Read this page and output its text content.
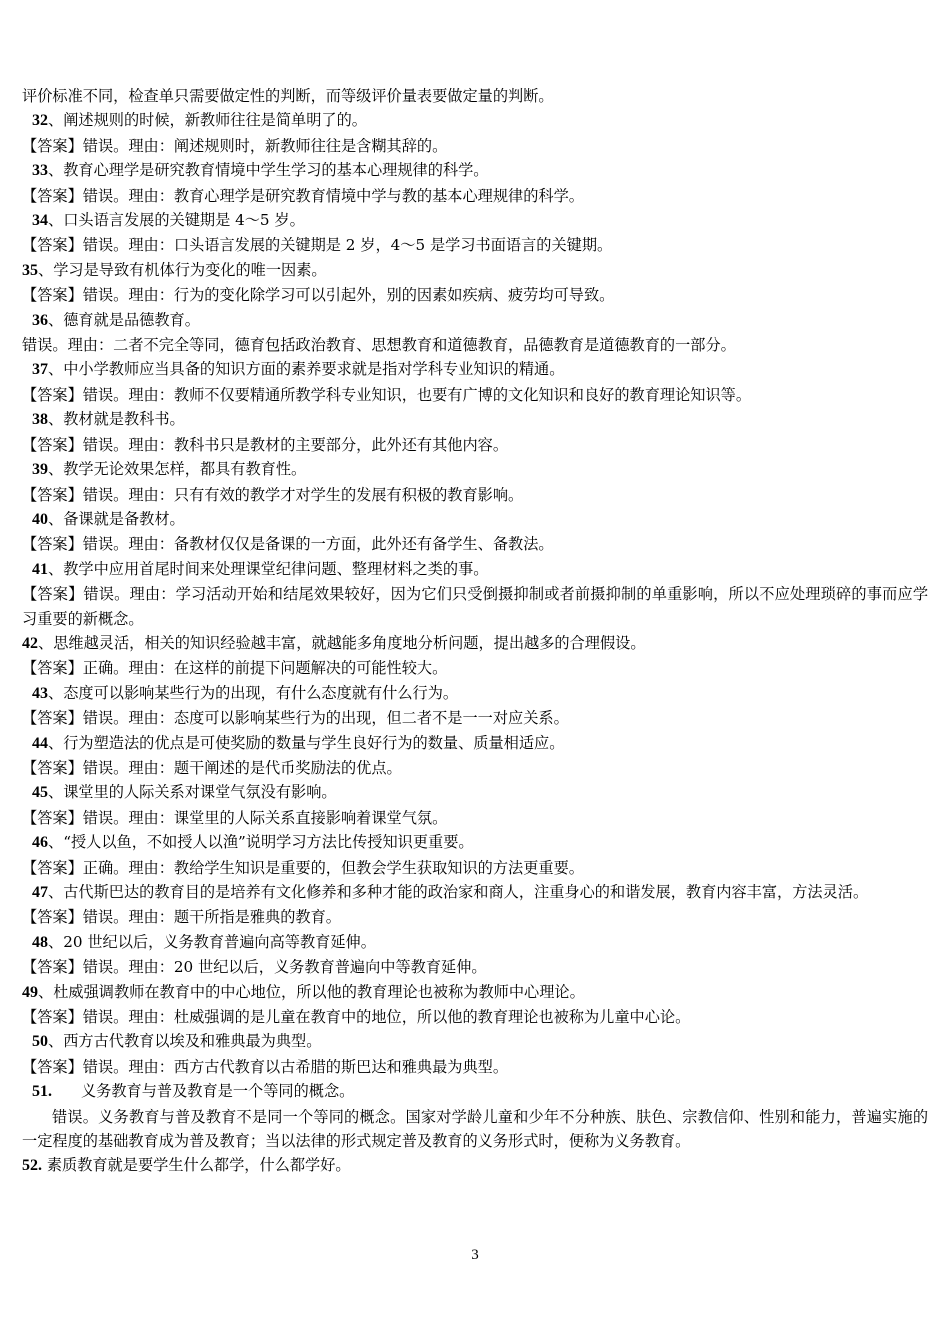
评价标准不同，检查单只需要做定性的判断，而等级评价量表要做定量的判断。
32、阐述规则的时候，新教师往往是简单明了的。
【答案】错误。理由：阐述规则时，新教师往往是含糊其辞的。
33、教育心理学是研究教育情境中学生学习的基本心理规律的科学。
【答案】错误。理由：教育心理学是研究教育情境中学与教的基本心理规律的科学。
34、口头语言发展的关键期是 4～5 岁。
【答案】错误。理由：口头语言发展的关键期是 2 岁，4～5 是学习书面语言的关键期。
35、学习是导致有机体行为变化的唯一因素。
【答案】错误。理由：行为的变化除学习可以引起外，别的因素如疾病、疲劳均可导致。
36、德育就是品德教育。
错误。理由：二者不完全等同，德育包括政治教育、思想教育和道德教育，品德教育是道德教育的一部分。
37、中小学教师应当具备的知识方面的素养要求就是指对学科专业知识的精通。
【答案】错误。理由：教师不仅要精通所教学科专业知识，也要有广博的文化知识和良好的教育理论知识等。
38、教材就是教科书。
【答案】错误。理由：教科书只是教材的主要部分，此外还有其他内容。
39、教学无论效果怎样，都具有教育性。
【答案】错误。理由：只有有效的教学才对学生的发展有积极的教育影响。
40、备课就是备教材。
【答案】错误。理由：备教材仅仅是备课的一方面，此外还有备学生、备教法。
41、教学中应用首尾时间来处理课堂纪律问题、整理材料之类的事。
【答案】错误。理由：学习活动开始和结尾效果较好，因为它们只受倒摄抑制或者前摄抑制的单重影响，所以不应处理琐碎的事而应学习重要的新概念。
42、思维越灵活，相关的知识经验越丰富，就越能多角度地分析问题，提出越多的合理假设。
【答案】正确。理由：在这样的前提下问题解决的可能性较大。
43、态度可以影响某些行为的出现，有什么态度就有什么行为。
【答案】错误。理由：态度可以影响某些行为的出现，但二者不是一一对应关系。
44、行为塑造法的优点是可使奖励的数量与学生良好行为的数量、质量相适应。
【答案】错误。理由：题干阐述的是代币奖励法的优点。
45、课堂里的人际关系对课堂气氛没有影响。
【答案】错误。理由：课堂里的人际关系直接影响着课堂气氛。
46、“授人以鱼，不如授人以渔”说明学习方法比传授知识更重要。
【答案】正确。理由：教给学生知识是重要的，但教会学生获取知识的方法更重要。
47、古代斯巴达的教育目的是培养有文化修养和多种才能的政治家和商人，注重身心的和谐发展，教育内容丰富，方法灵活。
【答案】错误。理由：题干所指是雅典的教育。
48、20 世纪以后，义务教育普遍向高等教育延伸。
【答案】错误。理由：20 世纪以后，义务教育普遍向中等教育延伸。
49、杜威强调教师在教育中的中心地位，所以他的教育理论也被称为教师中心理论。
【答案】错误。理由：杜威强调的是儿童在教育中的地位，所以他的教育理论也被称为儿童中心论。
50、西方古代教育以埃及和雅典最为典型。
【答案】错误。理由：西方古代教育以古希腊的斯巴达和雅典最为典型。
51.      义务教育与普及教育是一个等同的概念。
错误。义务教育与普及教育不是同一个等同的概念。国家对学龄儿童和少年不分种族、肤色、宗教信仰、性别和能力，普遍实施的一定程度的基础教育成为普及教育；当以法律的形式规定普及教育的义务形式时，便称为义务教育。
52. 素质教育就是要学生什么都学，什么都学好。
3
